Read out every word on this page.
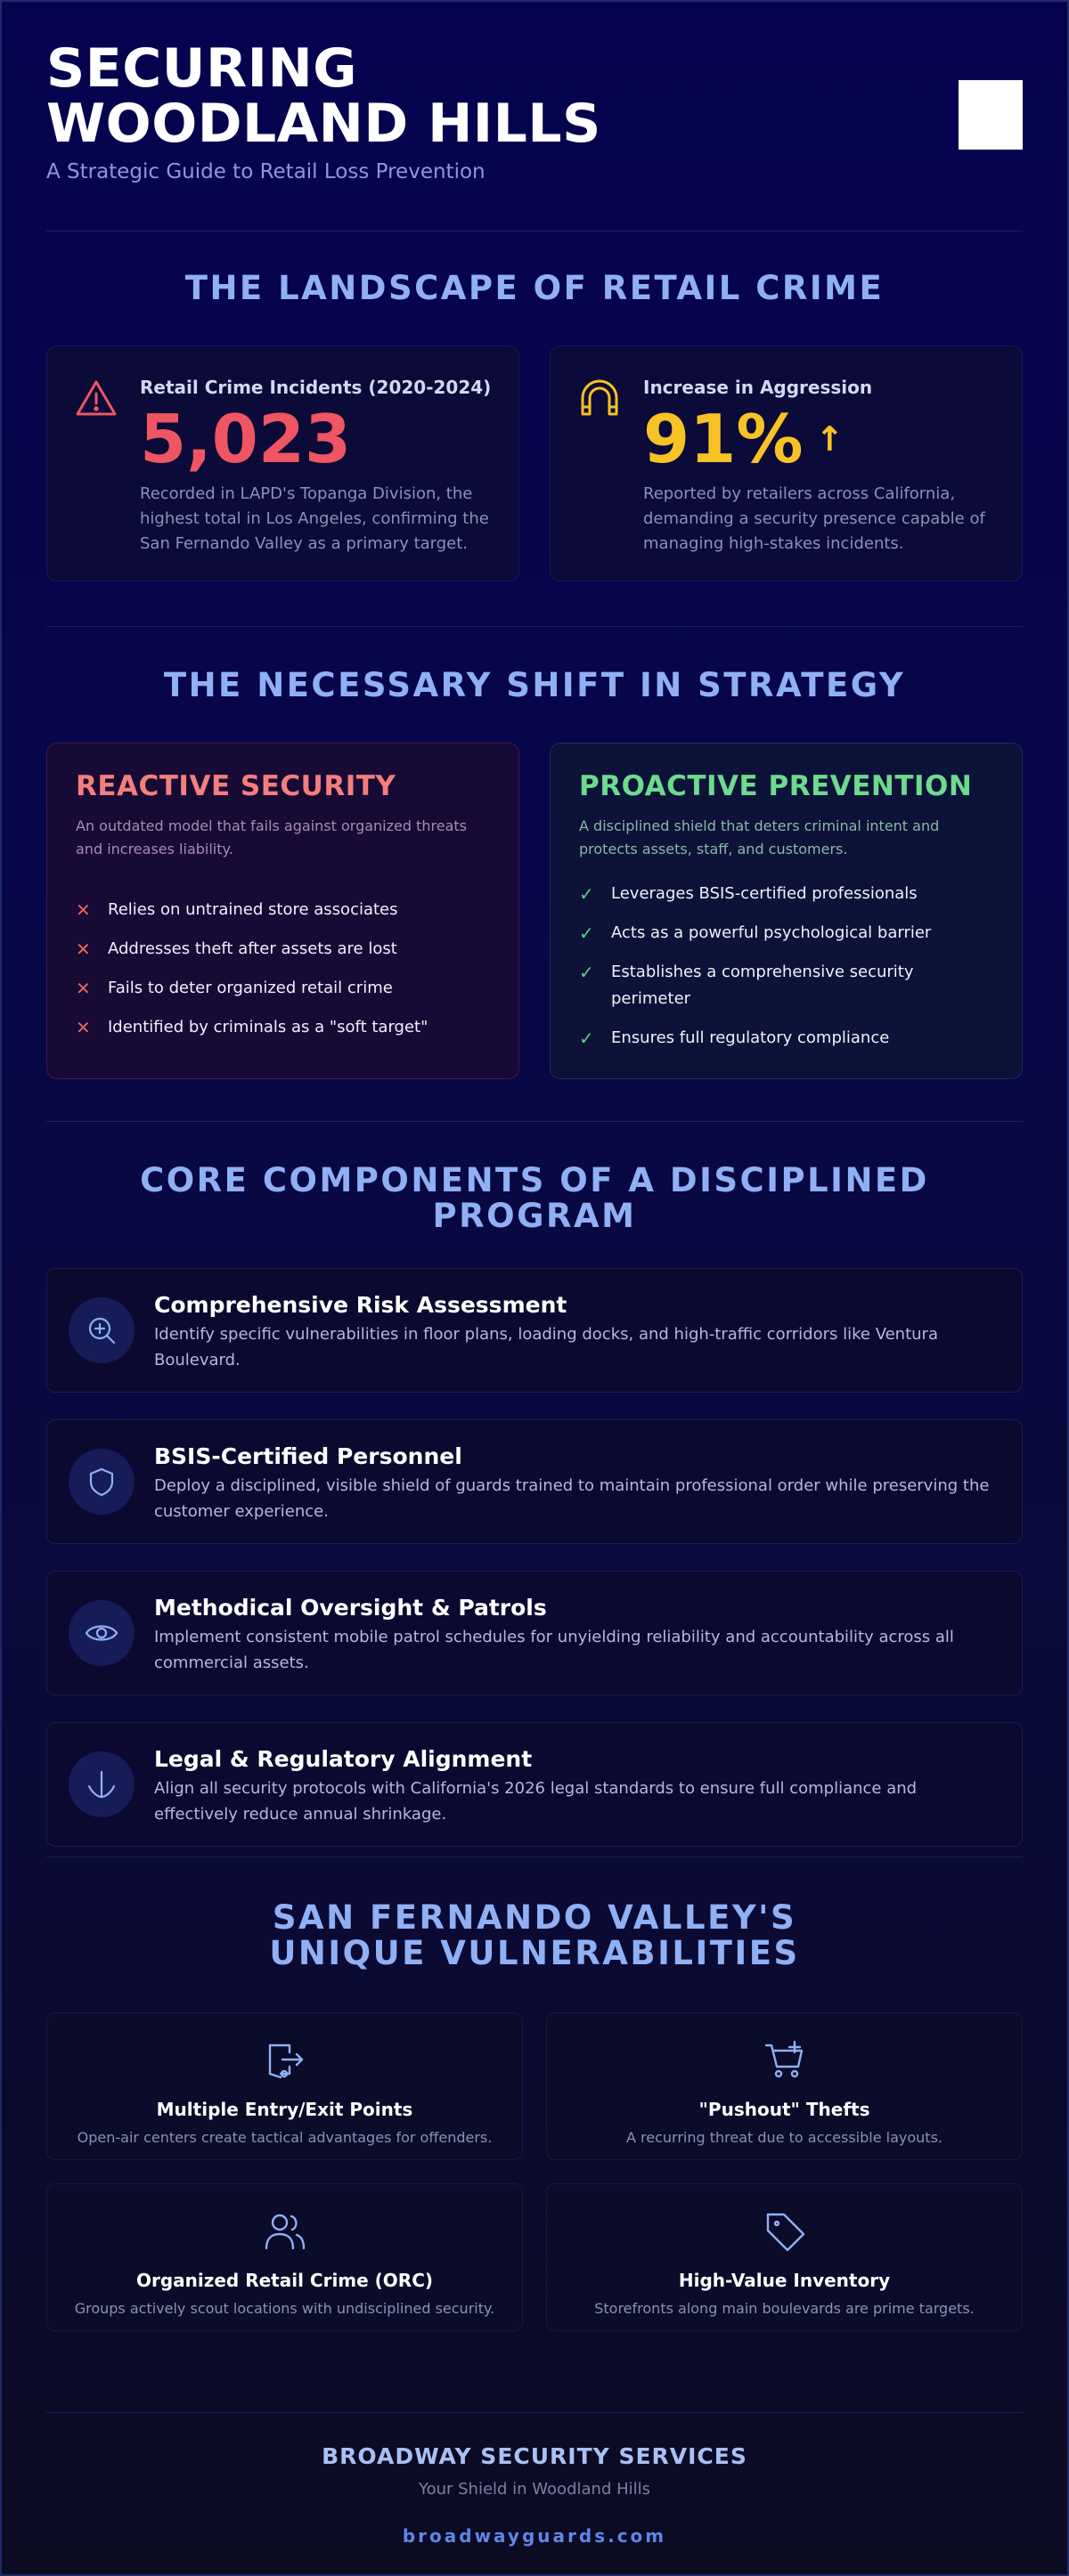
SECURING WOODLAND HILLS
A Strategic Guide to Retail Loss Prevention
THE LANDSCAPE OF RETAIL CRIME
Retail Crime Incidents (2020-2024)
5,023
Recorded in LAPD's Topanga Division, the highest total in Los Angeles, confirming the San Fernando Valley as a primary target.
Increase in Aggression
91% ↑
Reported by retailers across California, demanding a security presence capable of managing high-stakes incidents.
THE NECESSARY SHIFT IN STRATEGY
REACTIVE SECURITY
An outdated model that fails against organized threats and increases liability.
✕	Relies on untrained store associates
✕	Addresses theft after assets are lost
✕	Fails to deter organized retail crime
✕	Identified by criminals as a "soft target"
PROACTIVE PREVENTION
A disciplined shield that deters criminal intent and protects assets, staff, and customers.
✓	Leverages BSIS-certified professionals
✓	Acts as a powerful psychological barrier
✓	Establishes a comprehensive security perimeter
✓	Ensures full regulatory compliance
CORE COMPONENTS OF A DISCIPLINED PROGRAM
Comprehensive Risk Assessment
Identify specific vulnerabilities in floor plans, loading docks, and high-traffic corridors like Ventura Boulevard.
BSIS-Certified Personnel
Deploy a disciplined, visible shield of guards trained to maintain professional order while preserving the customer experience.
Methodical Oversight & Patrols
Implement consistent mobile patrol schedules for unyielding reliability and accountability across all commercial assets.
Legal & Regulatory Alignment
Align all security protocols with California's 2026 legal standards to ensure full compliance and effectively reduce annual shrinkage.
SAN FERNANDO VALLEY'S UNIQUE VULNERABILITIES
Multiple Entry/Exit Points
Open-air centers create tactical advantages for offenders.
"Pushout" Thefts
A recurring threat due to accessible layouts.
Organized Retail Crime (ORC)
Groups actively scout locations with undisciplined security.
High-Value Inventory
Storefronts along main boulevards are prime targets.
BROADWAY SECURITY SERVICES
Your Shield in Woodland Hills
broadwayguards.com
